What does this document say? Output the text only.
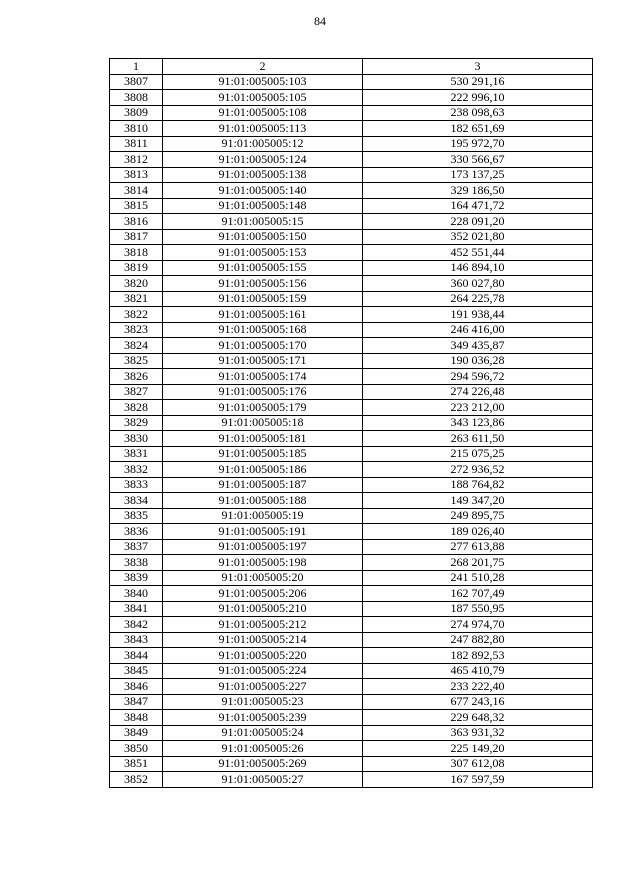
84
1	2	3
3807	91:01:005005:103	530 291,16
3808	91:01:005005:105	222 996,10
3809	91:01:005005:108	238 098,63
3810	91:01:005005:113	182 651,69
3811	91:01:005005:12	195 972,70
3812	91:01:005005:124	330 566,67
3813	91:01:005005:138	173 137,25
3814	91:01:005005:140	329 186,50
3815	91:01:005005:148	164 471,72
3816	91:01:005005:15	228 091,20
3817	91:01:005005:150	352 021,80
3818	91:01:005005:153	452 551,44
3819	91:01:005005:155	146 894,10
3820	91:01:005005:156	360 027,80
3821	91:01:005005:159	264 225,78
3822	91:01:005005:161	191 938,44
3823	91:01:005005:168	246 416,00
3824	91:01:005005:170	349 435,87
3825	91:01:005005:171	190 036,28
3826	91:01:005005:174	294 596,72
3827	91:01:005005:176	274 226,48
3828	91:01:005005:179	223 212,00
3829	91:01:005005:18	343 123,86
3830	91:01:005005:181	263 611,50
3831	91:01:005005:185	215 075,25
3832	91:01:005005:186	272 936,52
3833	91:01:005005:187	188 764,82
3834	91:01:005005:188	149 347,20
3835	91:01:005005:19	249 895,75
3836	91:01:005005:191	189 026,40
3837	91:01:005005:197	277 613,88
3838	91:01:005005:198	268 201,75
3839	91:01:005005:20	241 510,28
3840	91:01:005005:206	162 707,49
3841	91:01:005005:210	187 550,95
3842	91:01:005005:212	274 974,70
3843	91:01:005005:214	247 882,80
3844	91:01:005005:220	182 892,53
3845	91:01:005005:224	465 410,79
3846	91:01:005005:227	233 222,40
3847	91:01:005005:23	677 243,16
3848	91:01:005005:239	229 648,32
3849	91:01:005005:24	363 931,32
3850	91:01:005005:26	225 149,20
3851	91:01:005005:269	307 612,08
3852	91:01:005005:27	167 597,59
